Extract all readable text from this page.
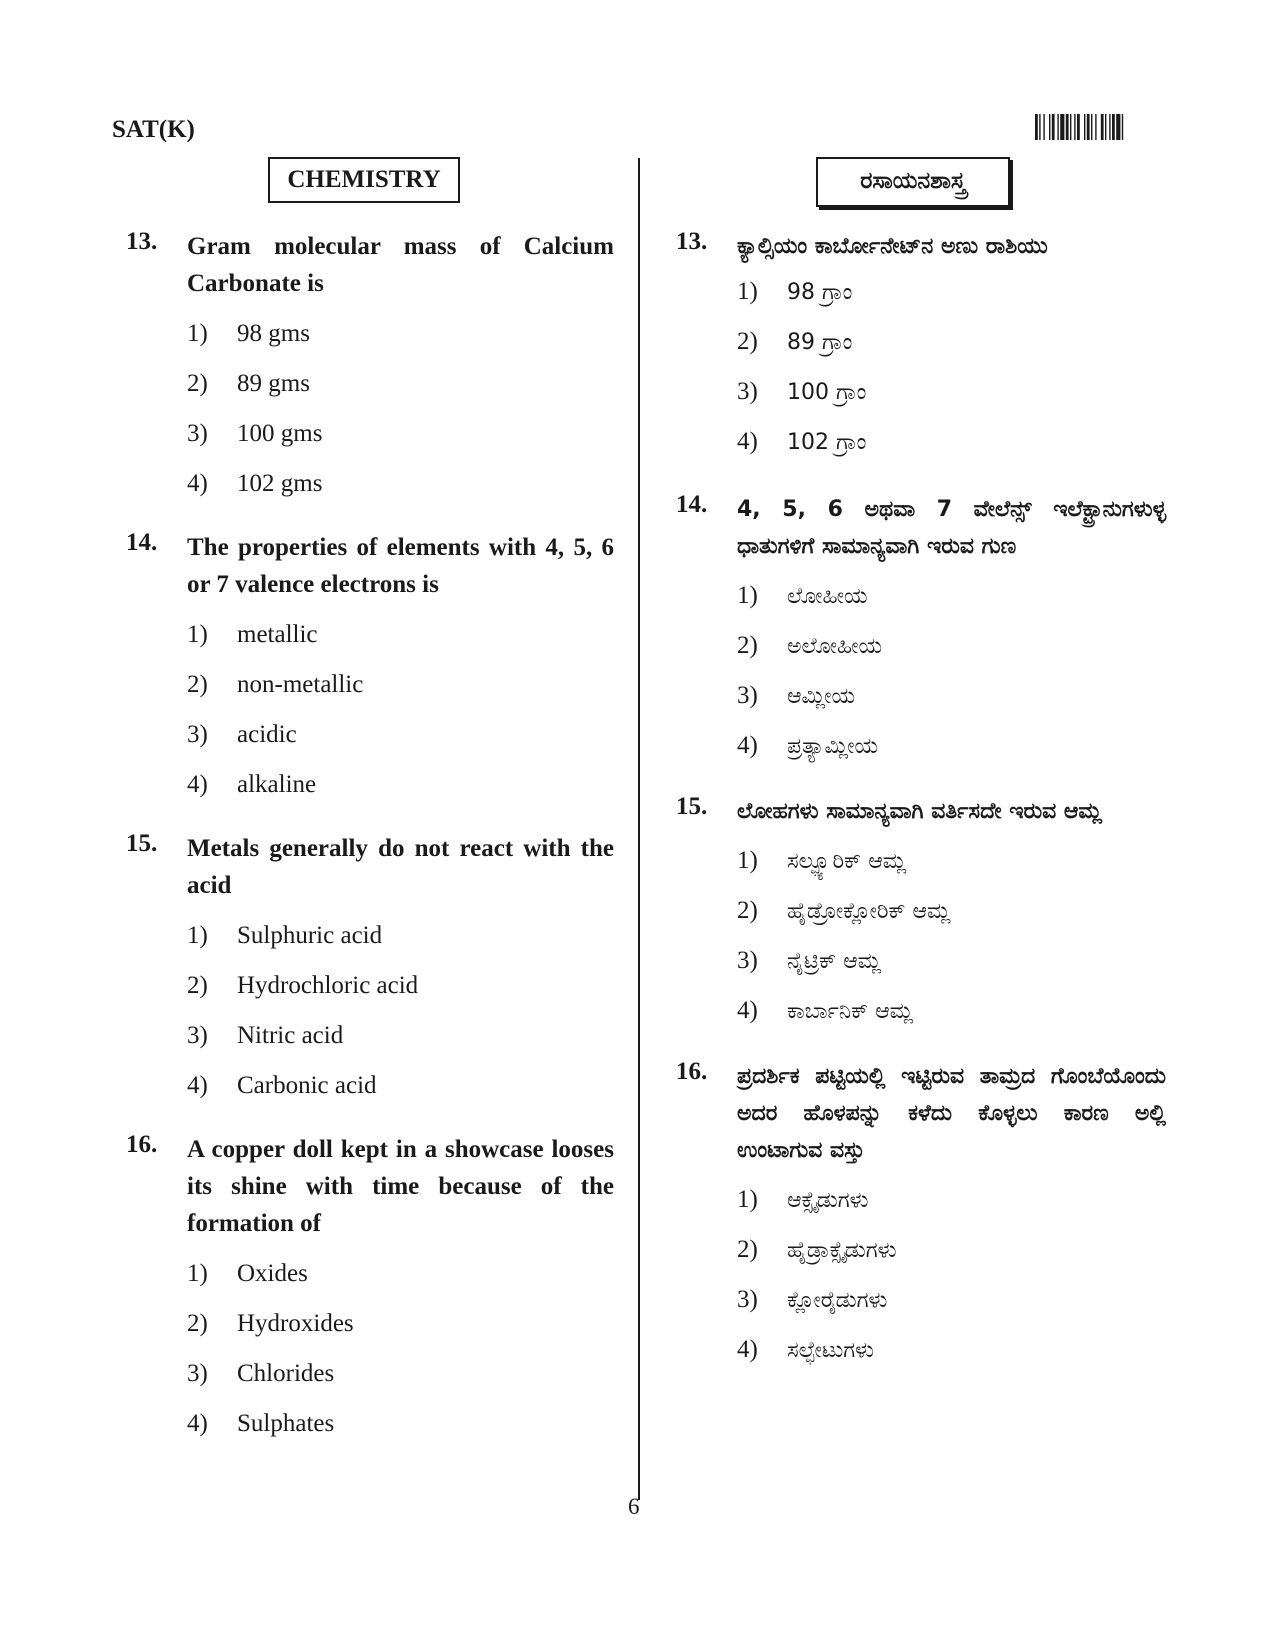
SAT(K)
CHEMISTRY	ರಸಾಯನಶಾಸ್ತ್ರ
13. Gram molecular mass of Calcium Carbonate is
1) 98 gms
2) 89 gms
3) 100 gms
4) 102 gms
14. The properties of elements with 4, 5, 6 or 7 valence electrons is
1) metallic
2) non-metallic
3) acidic
4) alkaline
15. Metals generally do not react with the acid
1) Sulphuric acid
2) Hydrochloric acid
3) Nitric acid
4) Carbonic acid
16. A copper doll kept in a showcase looses its shine with time because of the formation of
1) Oxides
2) Hydroxides
3) Chlorides
4) Sulphates
13. ಕ್ಯಾಲ್ಸಿಯಂ ಕಾರ್ಬೋನೇಟ್‌ನ ಅಣು ರಾಶಿಯು
1) 98 ಗ್ರಾಂ
2) 89 ಗ್ರಾಂ
3) 100 ಗ್ರಾಂ
4) 102 ಗ್ರಾಂ
14. 4, 5, 6 ಅಥವಾ 7 ವೇಲೆನ್ಸ್ ಇಲೆಕ್ಟ್ರಾನುಗಳುಳ್ಳ ಧಾತುಗಳಿಗೆ ಸಾಮಾನ್ಯವಾಗಿ ಇರುವ ಗುಣ
1) ಲೋಹೀಯ
2) ಅಲೋಹೀಯ
3) ಆಮ್ಲೀಯ
4) ಪ್ರತ್ಯಾಮ್ಲೀಯ
15. ಲೋಹಗಳು ಸಾಮಾನ್ಯವಾಗಿ ವರ್ತಿಸದೇ ಇರುವ ಆಮ್ಲ
1) ಸಲ್ಫ್ಯೂರಿಕ್ ಆಮ್ಲ
2) ಹೈಡ್ರೋಕ್ಲೋರಿಕ್ ಆಮ್ಲ
3) ನೈಟ್ರಿಕ್ ಆಮ್ಲ
4) ಕಾರ್ಬಾನಿಕ್ ಆಮ್ಲ
16. ಪ್ರದರ್ಶಿಕ ಪಟ್ಟಿಯಲ್ಲಿ ಇಟ್ಟಿರುವ ತಾಮ್ರದ ಗೊಂಬೆಯೊಂದು ಅದರ ಹೊಳಪನ್ನು ಕಳೆದು ಕೊಳ್ಳಲು ಕಾರಣ ಅಲ್ಲಿ ಉಂಟಾಗುವ ವಸ್ತು
1) ಆಕ್ಸೈಡುಗಳು
2) ಹೈಡ್ರಾಕ್ಸೈಡುಗಳು
3) ಕ್ಲೋರೈಡುಗಳು
4) ಸಲ್ಫೇಟುಗಳು
6
